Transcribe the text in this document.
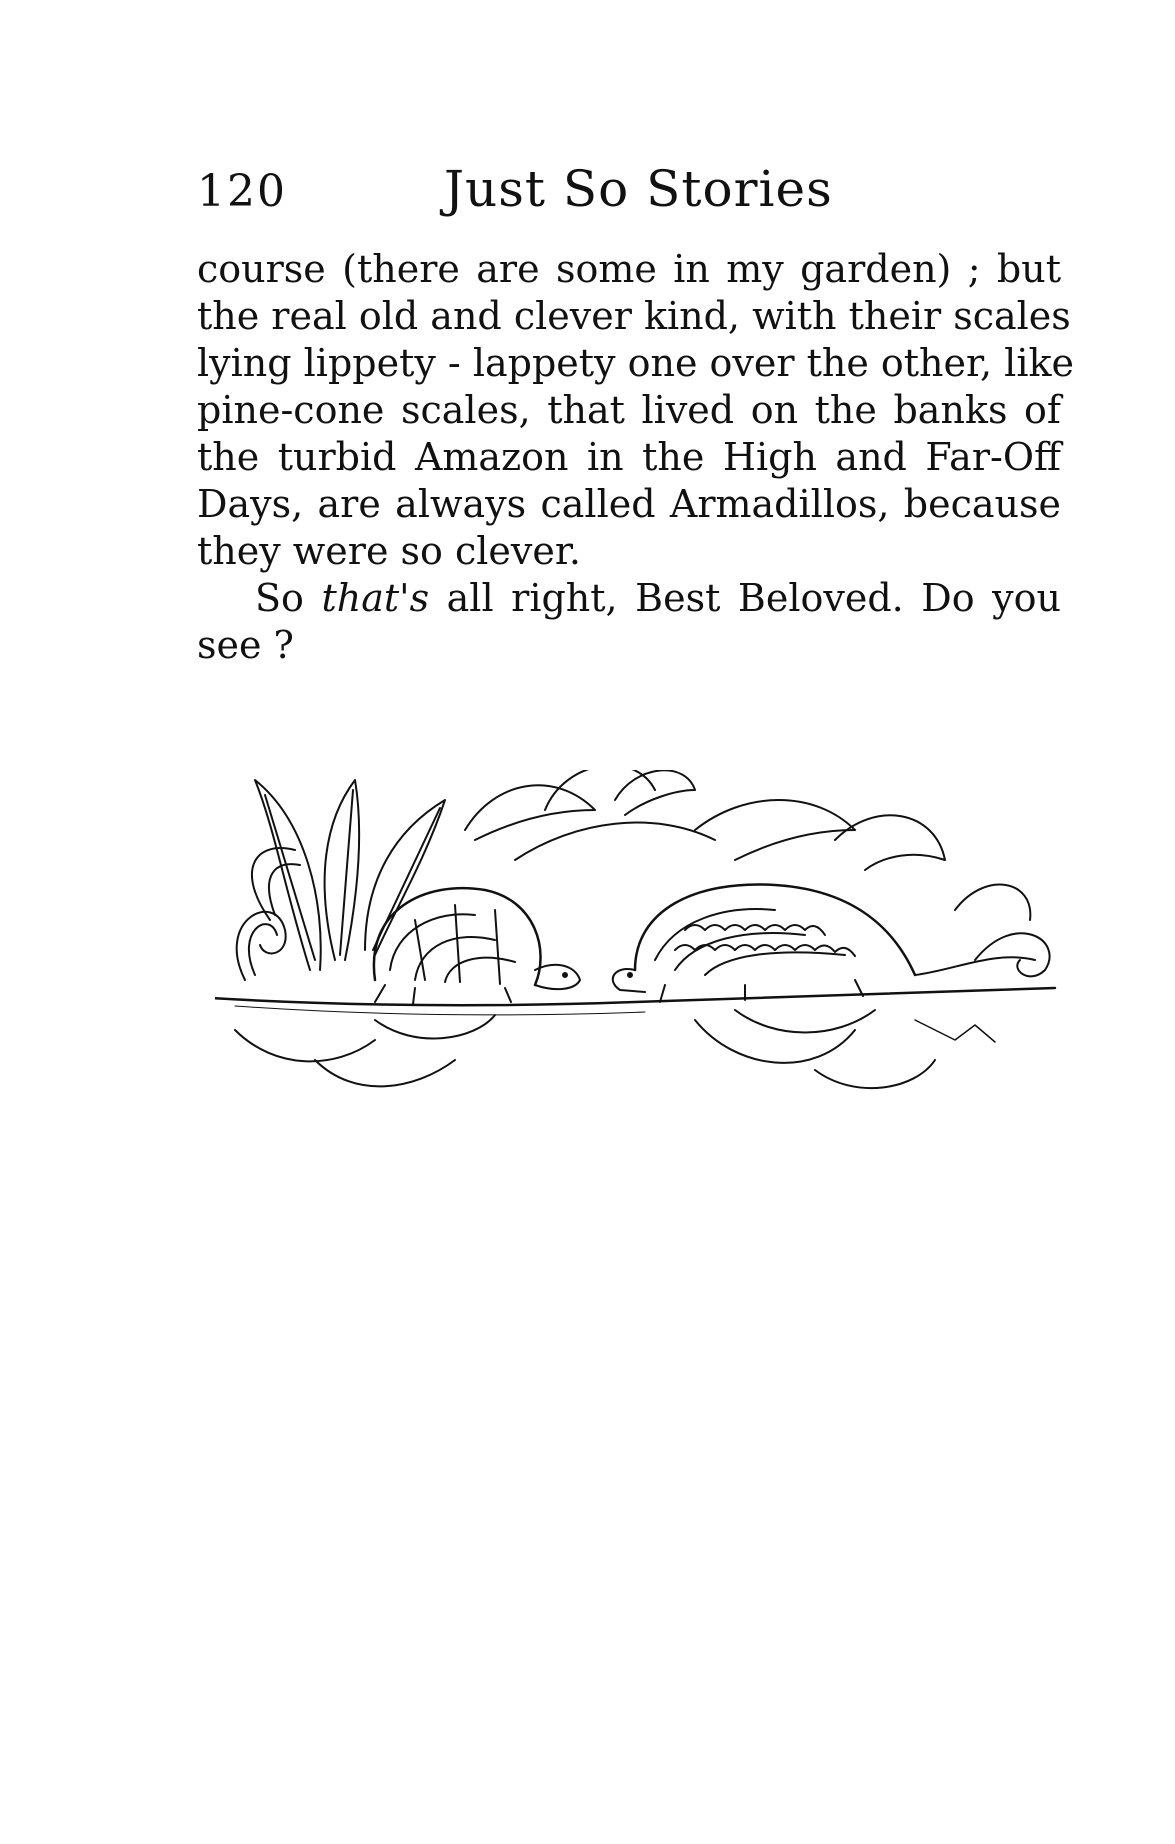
120	Just So Stories
course (there are some in my garden) ; but
the real old and clever kind, with their scales
lying lippety - lappety one over the other, like
pine-cone scales, that lived on the banks of
the turbid Amazon in the High and Far-Off
Days, are always called Armadillos, because
they were so clever.
So that's all right, Best Beloved. Do you
see ?
